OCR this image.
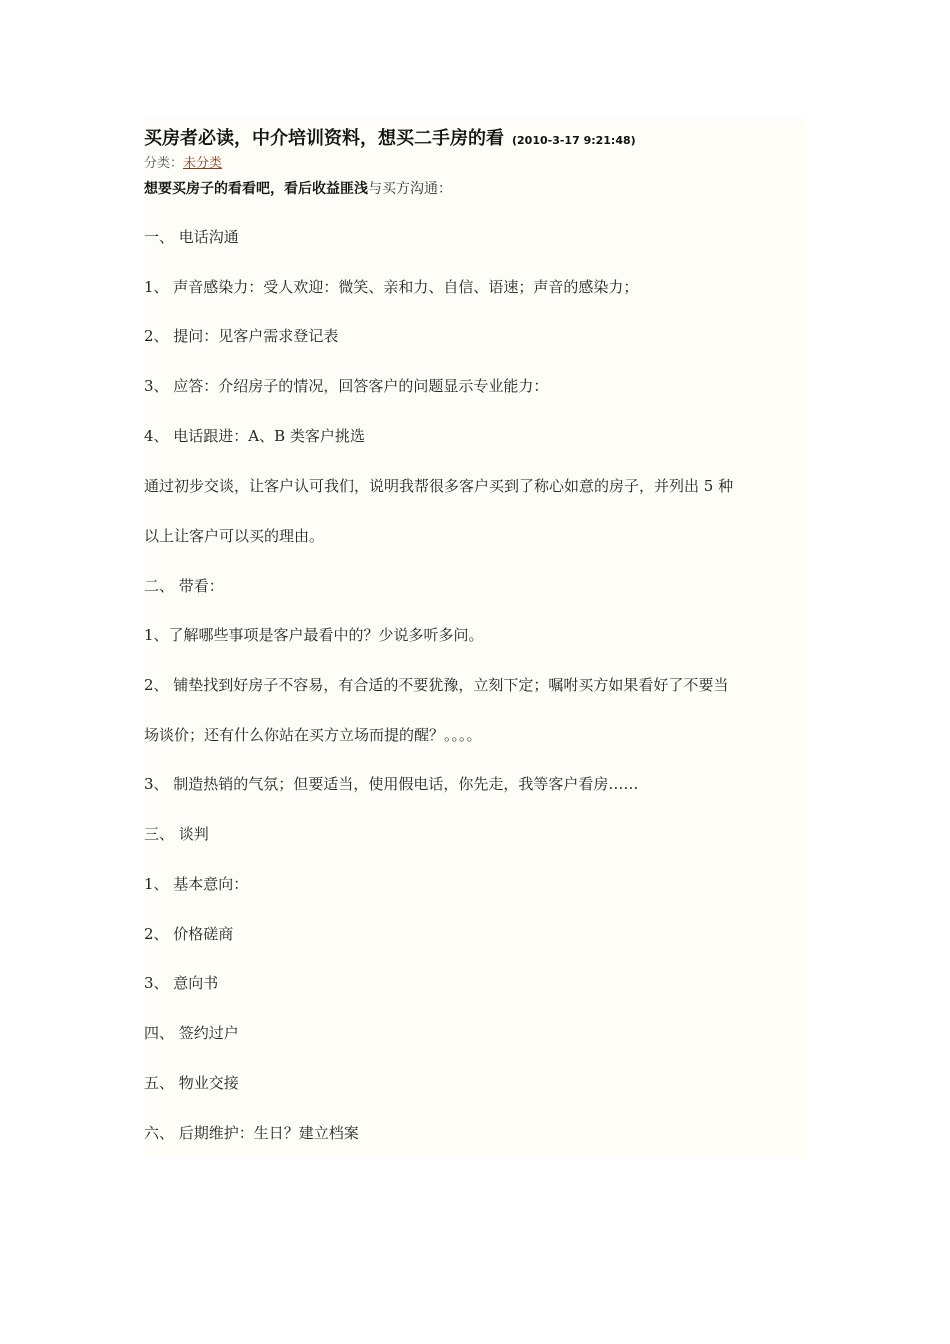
买房者必读，中介培训资料，想买二手房的看 (2010-3-17 9:21:48)
分类：未分类
想要买房子的看看吧，看后收益匪浅与买方沟通：
一、 电话沟通
1、 声音感染力：受人欢迎：微笑、亲和力、自信、语速；声音的感染力；
2、 提问：见客户需求登记表
3、 应答：介绍房子的情况，回答客户的问题显示专业能力：
4、 电话跟进：A、B 类客户挑选
通过初步交谈，让客户认可我们，说明我帮很多客户买到了称心如意的房子，并列出 5 种
以上让客户可以买的理由。
二、 带看：
1、了解哪些事项是客户最看中的？少说多听多问。
2、 铺垫找到好房子不容易，有合适的不要犹豫，立刻下定；嘱咐买方如果看好了不要当
场谈价；还有什么你站在买方立场而提的醒？。。。。
3、 制造热销的气氛；但要适当，使用假电话，你先走，我等客户看房……
三、 谈判
1、 基本意向：
2、 价格磋商
3、 意向书
四、 签约过户
五、 物业交接
六、 后期维护：生日？建立档案
